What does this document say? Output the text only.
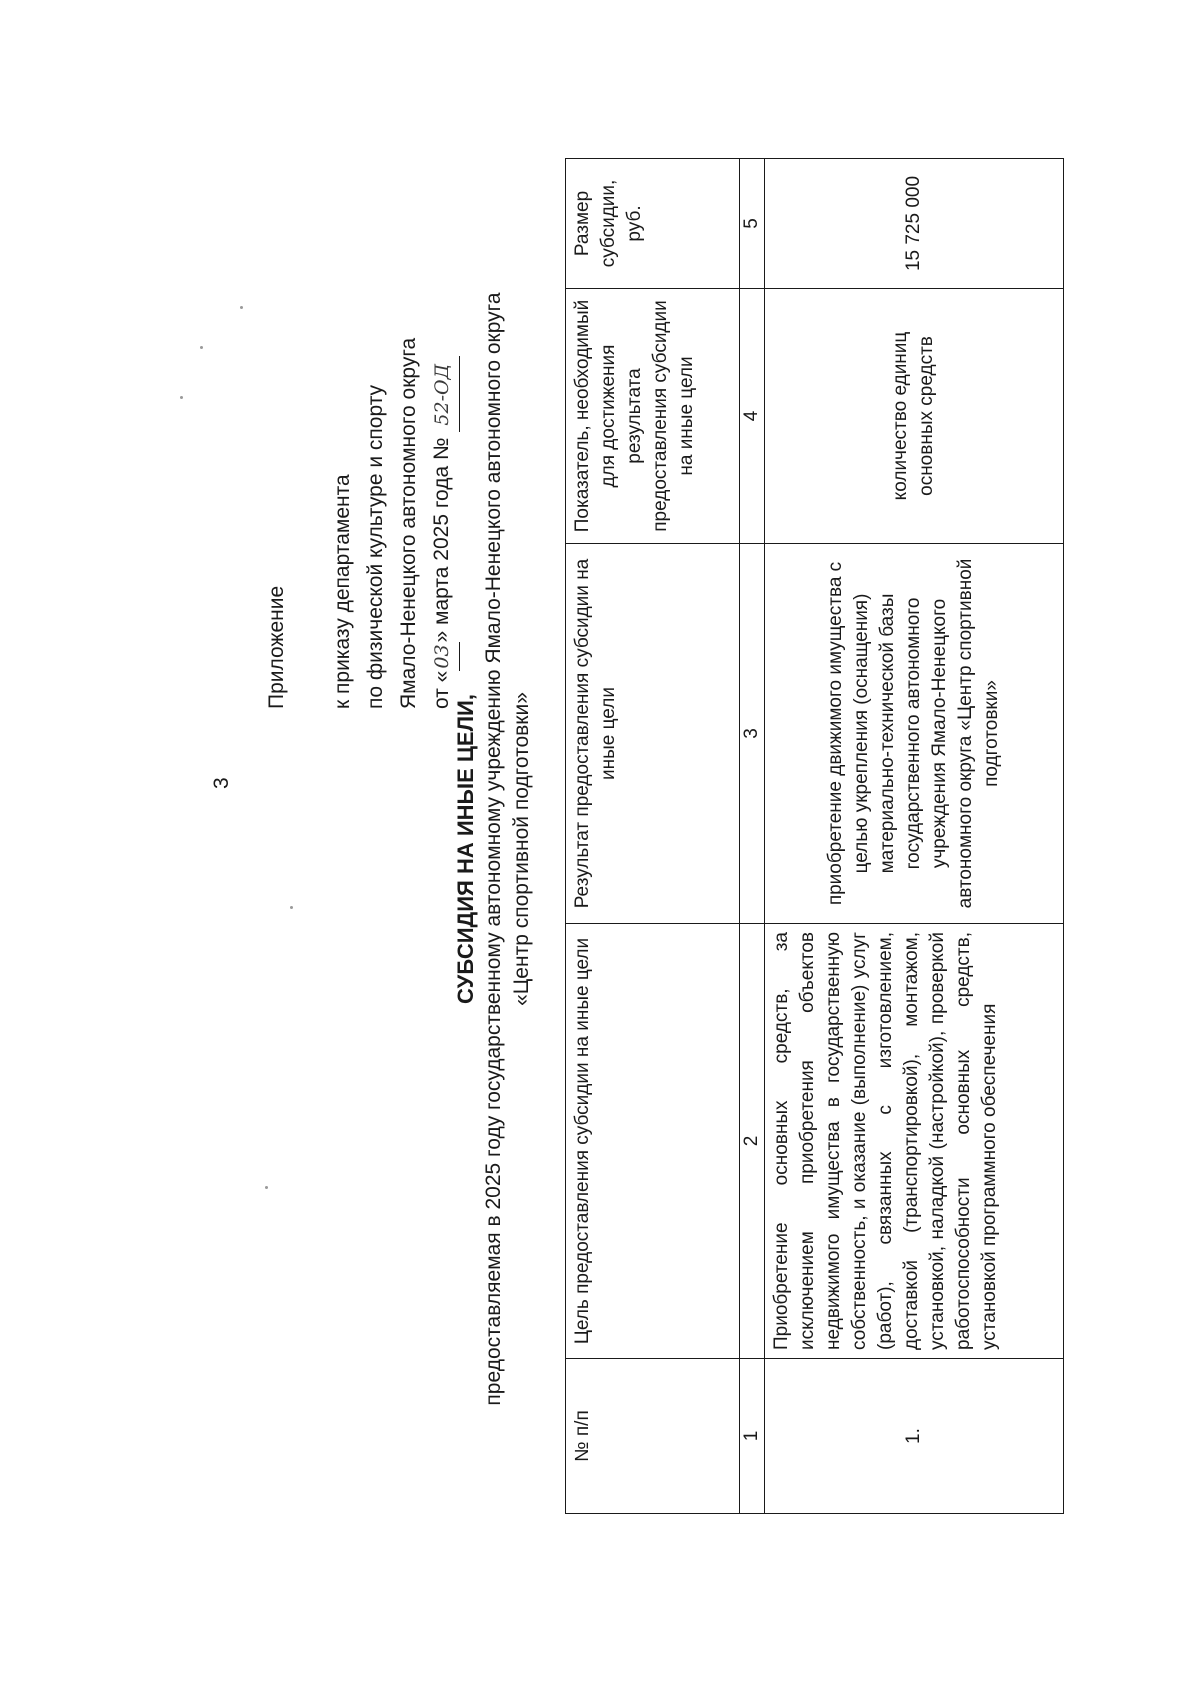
3
Приложение к приказу департамента по физической культуре и спорту Ямало-Ненецкого автономного округа от «03» марта 2025 года № 52-ОД
СУБСИДИЯ НА ИНЫЕ ЦЕЛИ, предоставляемая в 2025 году государственному автономному учреждению Ямало-Ненецкого автономного округа «Центр спортивной подготовки»
№ п/п	Цель предоставления субсидии на иные цели	Результат предоставления субсидии на иные цели	Показатель, необходимый для достижения результата предоставления субсидии на иные цели	Размер субсидии, руб.
1	2	3	4	5
1.	Приобретение основных средств, за исключением приобретения объектов недвижимого имущества в государственную собственность, и оказание (выполнение) услуг (работ), связанных с изготовлением, доставкой (транспортировкой), монтажом, установкой, наладкой (настройкой), проверкой работоспособности основных средств, установкой программного обеспечения	приобретение движимого имущества с целью укрепления (оснащения) материально-технической базы государственного автономного учреждения Ямало-Ненецкого автономного округа «Центр спортивной подготовки»	количество единиц основных средств	15 725 000
